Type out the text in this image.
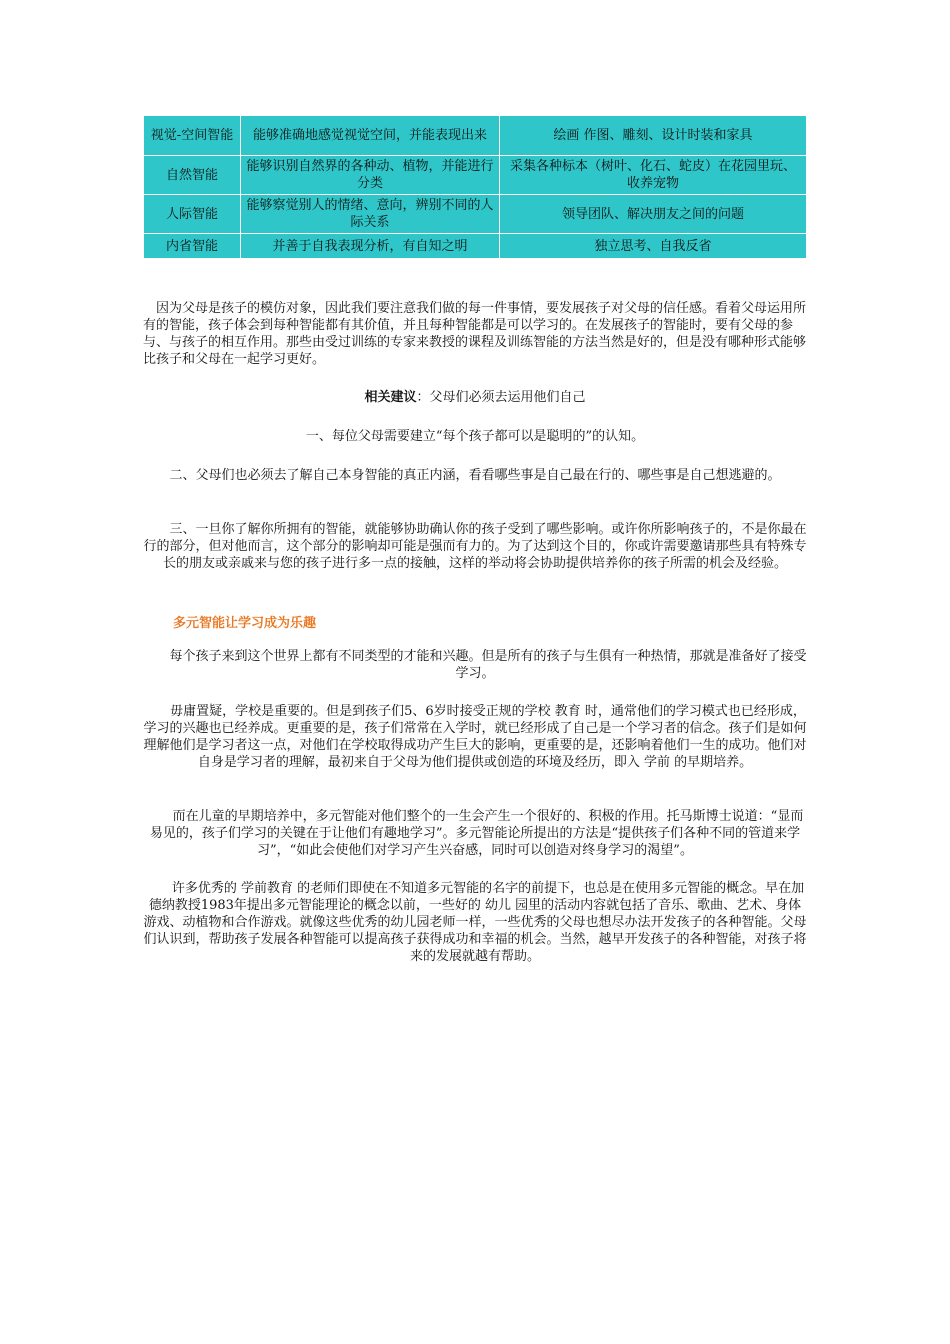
视觉-空间智能	能够准确地感觉视觉空间，并能表现出来	绘画 作图、雕刻、设计时装和家具
自然智能	能够识别自然界的各种动、植物，并能进行分类	采集各种标本（树叶、化石、蛇皮）在花园里玩、收养宠物
人际智能	能够察觉别人的情绪、意向，辨别不同的人际关系	领导团队、解决朋友之间的问题
内省智能	并善于自我表现分析，有自知之明	独立思考、自我反省

因为父母是孩子的模仿对象，因此我们要注意我们做的每一件事情，要发展孩子对父母的信任感。看着父母运用所有的智能，孩子体会到每种智能都有其价值，并且每种智能都是可以学习的。在发展孩子的智能时，要有父母的参与、与孩子的相互作用。那些由受过训练的专家来教授的课程及训练智能的方法当然是好的，但是没有哪种形式能够比孩子和父母在一起学习更好。

相关建议：父母们必须去运用他们自己

一、每位父母需要建立“每个孩子都可以是聪明的”的认知。

二、父母们也必须去了解自己本身智能的真正内涵，看看哪些事是自己最在行的、哪些事是自己想逃避的。

三、一旦你了解你所拥有的智能，就能够协助确认你的孩子受到了哪些影响。或许你所影响孩子的，不是你最在行的部分，但对他而言，这个部分的影响却可能是强而有力的。为了达到这个目的，你或许需要邀请那些具有特殊专长的朋友或亲戚来与您的孩子进行多一点的接触，这样的举动将会协助提供培养你的孩子所需的机会及经验。

多元智能让学习成为乐趣

每个孩子来到这个世界上都有不同类型的才能和兴趣。但是所有的孩子与生俱有一种热情，那就是准备好了接受学习。

毋庸置疑，学校是重要的。但是到孩子们5、6岁时接受正规的学校 教育 时，通常他们的学习模式也已经形成，学习的兴趣也已经养成。更重要的是，孩子们常常在入学时，就已经形成了自己是一个学习者的信念。孩子们是如何理解他们是学习者这一点，对他们在学校取得成功产生巨大的影响，更重要的是，还影响着他们一生的成功。他们对自身是学习者的理解，最初来自于父母为他们提供或创造的环境及经历，即入 学前 的早期培养。

而在儿童的早期培养中，多元智能对他们整个的一生会产生一个很好的、积极的作用。托马斯博士说道：“显而易见的，孩子们学习的关键在于让他们有趣地学习”。多元智能论所提出的方法是“提供孩子们各种不同的管道来学习”，“如此会使他们对学习产生兴奋感，同时可以创造对终身学习的渴望”。

许多优秀的 学前教育 的老师们即使在不知道多元智能的名字的前提下，也总是在使用多元智能的概念。早在加德纳教授1983年提出多元智能理论的概念以前，一些好的 幼儿 园里的活动内容就包括了音乐、歌曲、艺术、身体游戏、动植物和合作游戏。就像这些优秀的幼儿园老师一样，一些优秀的父母也想尽办法开发孩子的各种智能。父母们认识到，帮助孩子发展各种智能可以提高孩子获得成功和幸福的机会。当然，越早开发孩子的各种智能，对孩子将来的发展就越有帮助。
